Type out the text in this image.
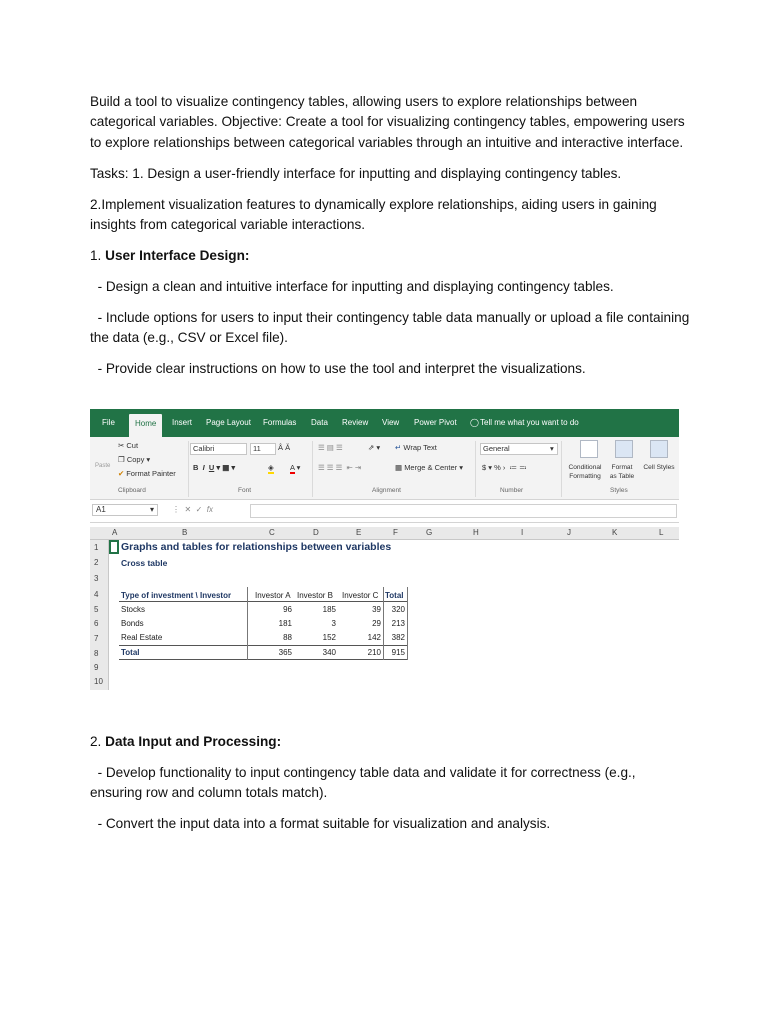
Build a tool to visualize contingency tables, allowing users to explore relationships between categorical variables. Objective: Create a tool for visualizing contingency tables, empowering users to explore relationships between categorical variables through an intuitive and interactive interface.

Tasks: 1. Design a user-friendly interface for inputting and displaying contingency tables.

2.Implement visualization features to dynamically explore relationships, aiding users in gaining insights from categorical variable interactions.

1. User Interface Design:

- Design a clean and intuitive interface for inputting and displaying contingency tables.

- Include options for users to input their contingency table data manually or upload a file containing the data (e.g., CSV or Excel file).

- Provide clear instructions on how to use the tool and interpret the visualizations.

2. Data Input and Processing:

- Develop functionality to input contingency table data and validate it for correctness (e.g., ensuring row and column totals match).

- Convert the input data into a format suitable for visualization and analysis.

File	Home	Insert Page Layout Formulas Data Review View Power Pivot ◯ Tell me what you want to do
Paste
✂ Cut
❐ Copy ▾
✔ Format Painter
Clipboard
Calibri	11 Â Ǎ
B  I U ▾ ▦ ▾	◈ A ▾
Font
☰ ▤ ☰	⇗ ▾ ↵ Wrap Text
☰ ☰ ☰  ⇤ ⇥	▦ Merge & Center ▾
Alignment
General	▾
$ ▾ % ›  ≔ ≕
Number
Conditional Formatting
Format as Table
Cell Styles
Styles
A1	▾ ⋮  ✕  ✓  fx
A	B	C	D	E	F	G	H	I	J	K	L
1
2
3
4
5
6
7
8
9
10
Graphs and tables for relationships between variables
Cross table
Type of investment \ Investor	Investor A Investor B Investor C Total
Stocks	96	185	39	320
Bonds	181	3	29	213
Real Estate	88	152	142	382
Total	365	340	210	915
